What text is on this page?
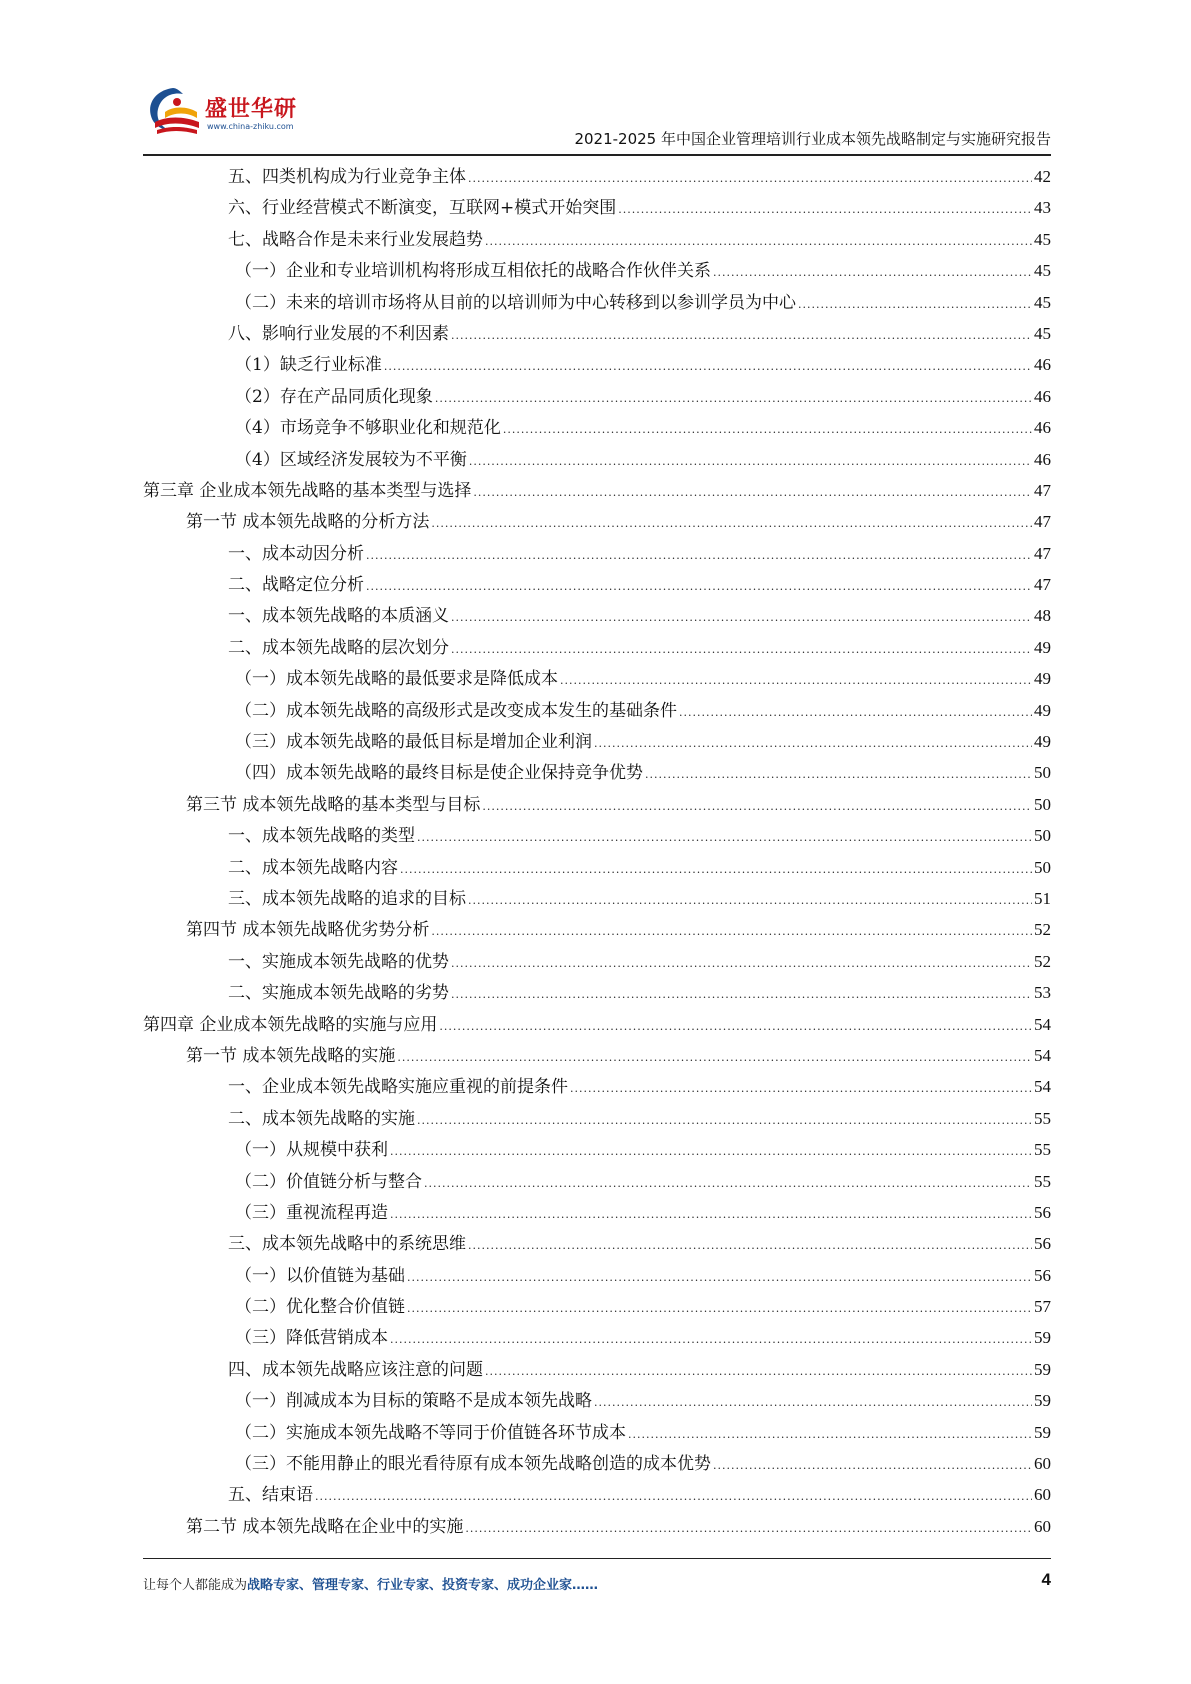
盛世华研
www.china-zhiku.com
2021-2025 年中国企业管理培训行业成本领先战略制定与实施研究报告
五、四类机构成为行业竞争主体 .....	42
六、行业经营模式不断演变，互联网+模式开始突围 .....	43
七、战略合作是未来行业发展趋势 .....	45
（一）企业和专业培训机构将形成互相依托的战略合作伙伴关系 .....	45
（二）未来的培训市场将从目前的以培训师为中心转移到以参训学员为中心 .....	45
八、影响行业发展的不利因素 .....	45
（1）缺乏行业标准 .....	46
（2）存在产品同质化现象 .....	46
（4）市场竞争不够职业化和规范化 .....	46
（4）区域经济发展较为不平衡 .....	46
第三章 企业成本领先战略的基本类型与选择 .....	47
第一节 成本领先战略的分析方法 .....	47
一、成本动因分析 .....	47
二、战略定位分析 .....	47
一、成本领先战略的本质涵义 .....	48
二、成本领先战略的层次划分 .....	49
（一）成本领先战略的最低要求是降低成本 .....	49
（二）成本领先战略的高级形式是改变成本发生的基础条件 .....	49
（三）成本领先战略的最低目标是增加企业利润 .....	49
（四）成本领先战略的最终目标是使企业保持竞争优势 .....	50
第三节 成本领先战略的基本类型与目标 .....	50
一、成本领先战略的类型 .....	50
二、成本领先战略内容 .....	50
三、成本领先战略的追求的目标 .....	51
第四节 成本领先战略优劣势分析 .....	52
一、实施成本领先战略的优势 .....	52
二、实施成本领先战略的劣势 .....	53
第四章 企业成本领先战略的实施与应用 .....	54
第一节 成本领先战略的实施 .....	54
一、企业成本领先战略实施应重视的前提条件 .....	54
二、成本领先战略的实施 .....	55
（一）从规模中获利 .....	55
（二）价值链分析与整合 .....	55
（三）重视流程再造 .....	56
三、成本领先战略中的系统思维 .....	56
（一）以价值链为基础 .....	56
（二）优化整合价值链 .....	57
（三）降低营销成本 .....	59
四、成本领先战略应该注意的问题 .....	59
（一）削减成本为目标的策略不是成本领先战略 .....	59
（二）实施成本领先战略不等同于价值链各环节成本 .....	59
（三）不能用静止的眼光看待原有成本领先战略创造的成本优势 .....	60
五、结束语 .....	60
第二节 成本领先战略在企业中的实施 .....	60
让每个人都能成为战略专家、管理专家、行业专家、投资专家、成功企业家……	4
